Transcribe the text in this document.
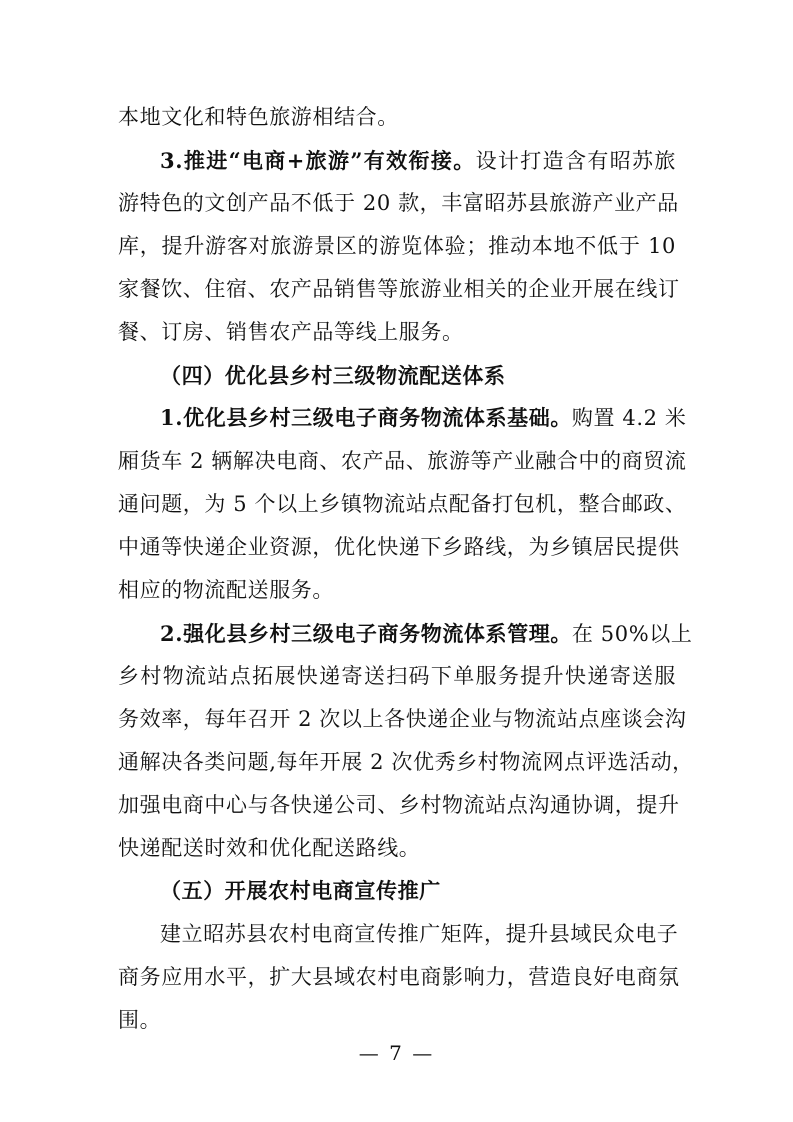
本地文化和特色旅游相结合。
3.推进“电商+旅游”有效衔接。设计打造含有昭苏旅
游特色的文创产品不低于 20 款，丰富昭苏县旅游产业产品
库，提升游客对旅游景区的游览体验；推动本地不低于 10
家餐饮、住宿、农产品销售等旅游业相关的企业开展在线订
餐、订房、销售农产品等线上服务。
（四）优化县乡村三级物流配送体系
1.优化县乡村三级电子商务物流体系基础。购置 4.2 米
厢货车 2 辆解决电商、农产品、旅游等产业融合中的商贸流
通问题，为 5 个以上乡镇物流站点配备打包机，整合邮政、
中通等快递企业资源，优化快递下乡路线，为乡镇居民提供
相应的物流配送服务。
2.强化县乡村三级电子商务物流体系管理。在 50%以上
乡村物流站点拓展快递寄送扫码下单服务提升快递寄送服
务效率，每年召开 2 次以上各快递企业与物流站点座谈会沟
通解决各类问题,每年开展 2 次优秀乡村物流网点评选活动，
加强电商中心与各快递公司、乡村物流站点沟通协调，提升
快递配送时效和优化配送路线。
（五）开展农村电商宣传推广
建立昭苏县农村电商宣传推广矩阵，提升县域民众电子
商务应用水平，扩大县域农村电商影响力，营造良好电商氛
围。
— 7 —
